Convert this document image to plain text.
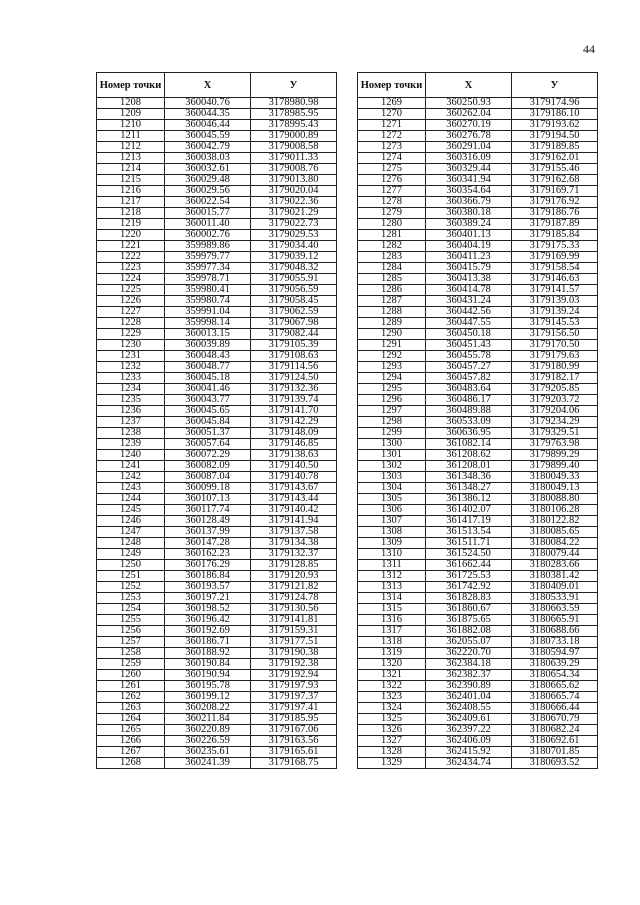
44
Номер точки	X	У
1208	360040.76	3178980.98
1209	360044.35	3178985.95
1210	360046.44	3178995.43
1211	360045.59	3179000.89
1212	360042.79	3179008.58
1213	360038.03	3179011.33
1214	360032.61	3179008.76
1215	360029.48	3179013.80
1216	360029.56	3179020.04
1217	360022.54	3179022.36
1218	360015.77	3179021.29
1219	360011.40	3179022.73
1220	360002.76	3179029.53
1221	359989.86	3179034.40
1222	359979.77	3179039.12
1223	359977.34	3179048.32
1224	359978.71	3179055.91
1225	359980.41	3179056.59
1226	359980.74	3179058.45
1227	359991.04	3179062.59
1228	359998.14	3179067.98
1229	360013.15	3179082.44
1230	360039.89	3179105.39
1231	360048.43	3179108.63
1232	360048.77	3179114.56
1233	360045.18	3179124.50
1234	360041.46	3179132.36
1235	360043.77	3179139.74
1236	360045.65	3179141.70
1237	360045.84	3179142.29
1238	360051.37	3179148.09
1239	360057.64	3179146.85
1240	360072.29	3179138.63
1241	360082.09	3179140.50
1242	360087.04	3179140.78
1243	360099.18	3179143.67
1244	360107.13	3179143.44
1245	360117.74	3179140.42
1246	360128.49	3179141.94
1247	360137.99	3179137.58
1248	360147.28	3179134.38
1249	360162.23	3179132.37
1250	360176.29	3179128.85
1251	360186.84	3179120.93
1252	360193.57	3179121.82
1253	360197.21	3179124.78
1254	360198.52	3179130.56
1255	360196.42	3179141.81
1256	360192.69	3179159.31
1257	360186.71	3179177.51
1258	360188.92	3179190.38
1259	360190.84	3179192.38
1260	360190.94	3179192.94
1261	360195.78	3179197.93
1262	360199.12	3179197.37
1263	360208.22	3179197.41
1264	360211.84	3179185.95
1265	360220.89	3179167.06
1266	360226.59	3179163.56
1267	360235.61	3179165.61
1268	360241.39	3179168.75
Номер точки	X	У
1269	360250.93	3179174.96
1270	360262.04	3179186.10
1271	360270.19	3179193.62
1272	360276.78	3179194.50
1273	360291.04	3179189.85
1274	360316.09	3179162.01
1275	360329.44	3179155.46
1276	360341.94	3179162.68
1277	360354.64	3179169.71
1278	360366.79	3179176.92
1279	360380.18	3179186.76
1280	360389.24	3179187.89
1281	360401.13	3179185.84
1282	360404.19	3179175.33
1283	360411.23	3179169.99
1284	360415.79	3179158.54
1285	360413.38	3179146.63
1286	360414.78	3179141.57
1287	360431.24	3179139.03
1288	360442.56	3179139.24
1289	360447.55	3179145.53
1290	360450.18	3179156.50
1291	360451.43	3179170.50
1292	360455.78	3179179.63
1293	360457.27	3179180.99
1294	360457.82	3179182.17
1295	360483.64	3179205.85
1296	360486.17	3179203.72
1297	360489.88	3179204.06
1298	360533.09	3179234.29
1299	360636.95	3179329.51
1300	361082.14	3179763.98
1301	361208.62	3179899.29
1302	361208.01	3179899.40
1303	361348.36	3180049.33
1304	361348.27	3180049.13
1305	361386.12	3180088.80
1306	361402.07	3180106.28
1307	361417.19	3180122.82
1308	361513.54	3180085.65
1309	361511.71	3180084.22
1310	361524.50	3180079.44
1311	361662.44	3180283.66
1312	361725.53	3180381.42
1313	361742.92	3180409.01
1314	361828.83	3180533.91
1315	361860.67	3180663.59
1316	361875.65	3180665.91
1317	361882.08	3180688.66
1318	362055.07	3180733.18
1319	362220.70	3180594.97
1320	362384.18	3180639.29
1321	362382.37	3180654.34
1322	362390.89	3180665.62
1323	362401.04	3180665.74
1324	362408.55	3180666.44
1325	362409.61	3180670.79
1326	362397.22	3180682.24
1327	362406.09	3180692.61
1328	362415.92	3180701.85
1329	362434.74	3180693.52
